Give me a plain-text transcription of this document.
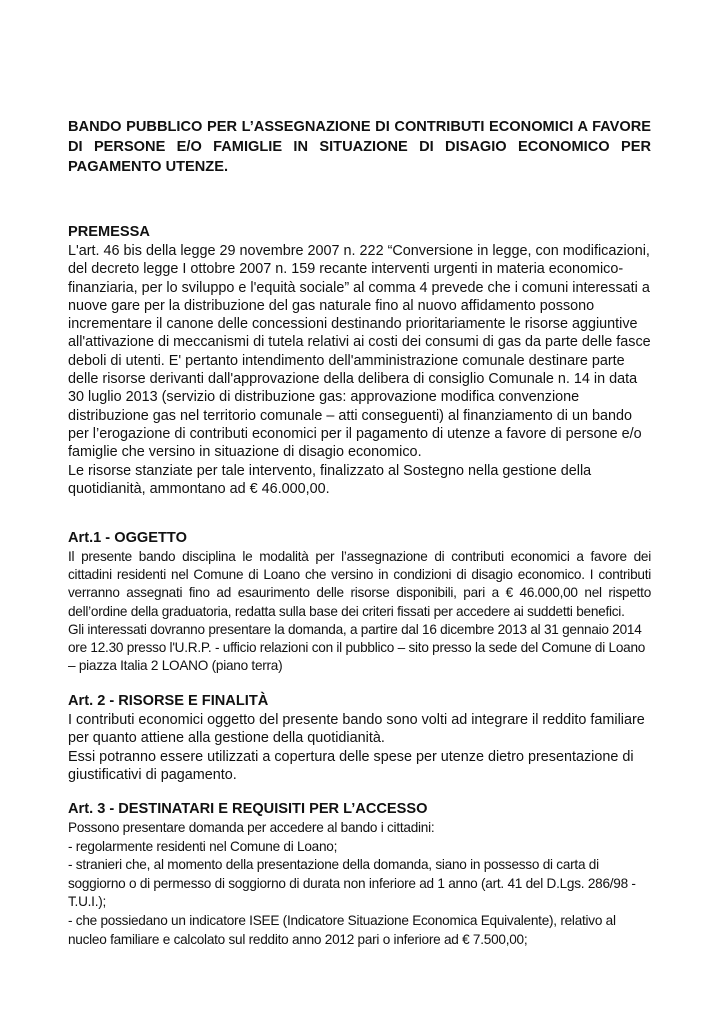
BANDO PUBBLICO PER L’ASSEGNAZIONE DI CONTRIBUTI ECONOMICI A FAVORE DI PERSONE E/O FAMIGLIE IN SITUAZIONE DI DISAGIO ECONOMICO PER PAGAMENTO UTENZE.

PREMESSA

L'art. 46 bis della legge 29 novembre 2007 n. 222 “Conversione in legge, con modificazioni, del decreto legge I ottobre 2007 n. 159 recante interventi urgenti in materia economico-finanziaria, per lo sviluppo e l'equità sociale” al comma 4 prevede che i comuni interessati a nuove gare per la distribuzione del gas naturale fino al nuovo affidamento possono incrementare il canone delle concessioni destinando prioritariamente le risorse aggiuntive all'attivazione di meccanismi di tutela relativi ai costi dei consumi di gas da parte delle fasce deboli di utenti. E' pertanto intendimento dell'amministrazione comunale destinare parte delle risorse derivanti dall'approvazione della delibera di consiglio Comunale n. 14 in data 30 luglio 2013 (servizio di distribuzione gas: approvazione modifica convenzione distribuzione gas nel territorio comunale – atti conseguenti) al finanziamento di un bando per l’erogazione di contributi economici per il pagamento di utenze a favore di persone e/o famiglie che versino in situazione di disagio economico.

Le risorse stanziate per tale intervento, finalizzato al Sostegno nella gestione della quotidianità, ammontano ad € 46.000,00.

Art.1 - OGGETTO

Il presente bando disciplina le modalità per l’assegnazione di contributi economici a favore dei cittadini residenti nel Comune di Loano che versino in condizioni di disagio economico. I contributi verranno assegnati fino ad esaurimento delle risorse disponibili, pari a € 46.000,00 nel rispetto dell’ordine della graduatoria, redatta sulla base dei criteri fissati per accedere ai suddetti benefici.

Gli interessati dovranno presentare la domanda, a partire dal 16 dicembre 2013 al 31 gennaio 2014 ore 12.30 presso l'U.R.P. - ufficio relazioni con il pubblico – sito presso la sede del Comune di Loano – piazza Italia 2 LOANO (piano terra)

Art. 2 - RISORSE E FINALITÀ

I contributi economici oggetto del presente bando sono volti ad integrare il reddito familiare per quanto attiene alla gestione della quotidianità.

Essi potranno essere utilizzati a copertura delle spese per utenze dietro presentazione di giustificativi di pagamento.

Art. 3 - DESTINATARI E REQUISITI PER L’ACCESSO

Possono presentare domanda per accedere al bando i cittadini:

- regolarmente residenti nel Comune di Loano;

- stranieri che, al momento della presentazione della domanda, siano in possesso di carta di soggiorno o di permesso di soggiorno di durata non inferiore ad 1 anno (art. 41 del D.Lgs. 286/98 - T.U.I.);

- che possiedano un indicatore ISEE (Indicatore Situazione Economica Equivalente), relativo al nucleo familiare e calcolato sul reddito anno 2012 pari o inferiore ad € 7.500,00;
